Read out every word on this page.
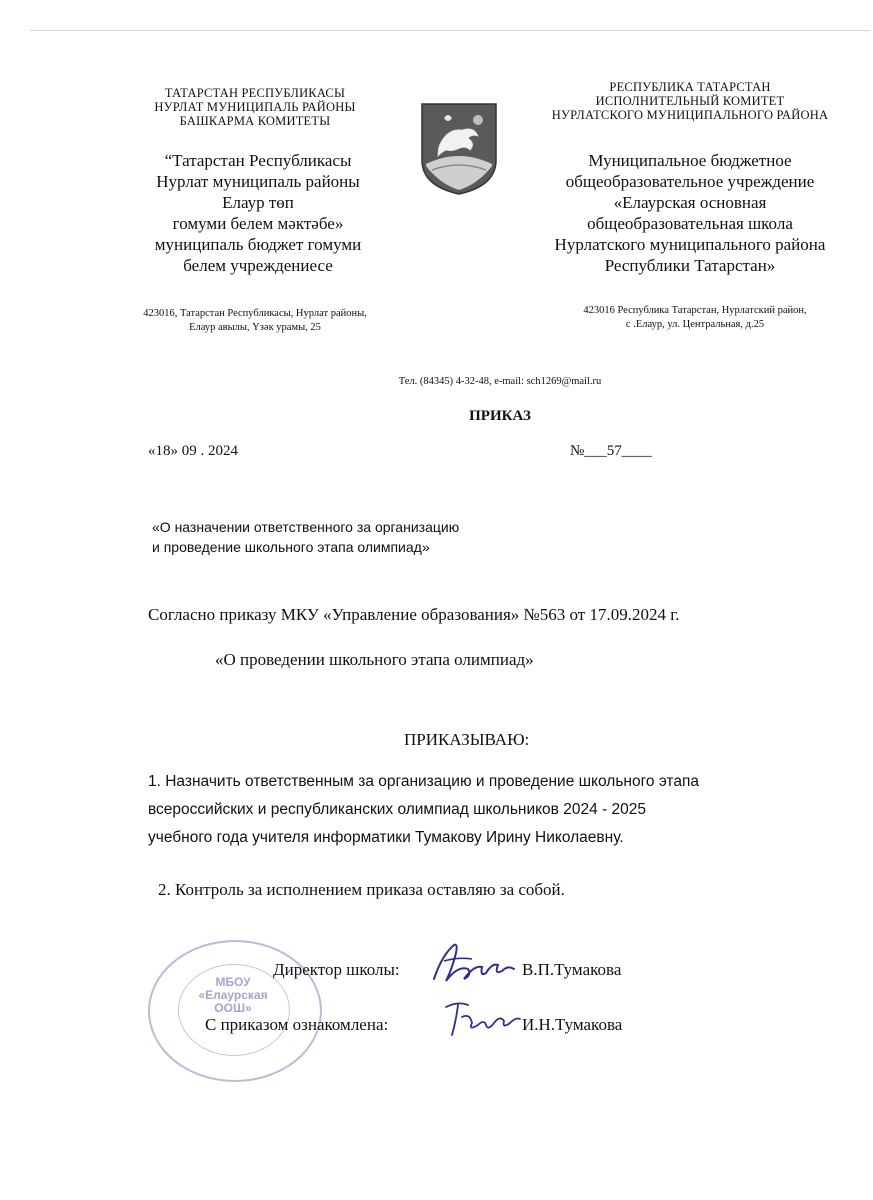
ТАТАРСТАН РЕСПУБЛИКАСЫ
НУРЛАТ МУНИЦИПАЛЬ РАЙОНЫ
БАШКАРМА КОМИТЕТЫ
“Татарстан Республикасы
Нурлат муниципаль районы
Елаур төп
гомуми белем мәктәбе»
муниципаль бюджет гомуми
белем учреждениесе
423016, Татарстан Республикасы, Нурлат районы,
Елаур авылы, Үзәк урамы, 25
РЕСПУБЛИКА ТАТАРСТАН
ИСПОЛНИТЕЛЬНЫЙ КОМИТЕТ
НУРЛАТСКОГО МУНИЦИПАЛЬНОГО РАЙОНА
Муниципальное бюджетное
общеобразовательное учреждение
«Елаурская основная
общеобразовательная школа
Нурлатского муниципального района
Республики Татарстан»
423016 Республика Татарстан, Нурлатский район,
с .Елаур, ул. Центральная, д.25
Тел. (84345) 4-32-48, e-mail: sch1269@mail.ru
ПРИКАЗ
«18» 09 . 2024	№___57____
«О назначении ответственного за организацию
и проведение школьного этапа олимпиад»
Согласно приказу МКУ «Управление образования» №563 от 17.09.2024 г.
«О проведении школьного этапа олимпиад»
ПРИКАЗЫВАЮ:
1. Назначить ответственным за организацию и проведение школьного этапа
всероссийских и республиканских олимпиад школьников 2024 - 2025
учебного года учителя информатики Тумакову Ирину Николаевну.
2. Контроль за исполнением приказа оставляю за собой.
МБОУ
«Елаурская
ООШ»
Директор школы:	В.П.Тумакова
С приказом ознакомлена:	И.Н.Тумакова
